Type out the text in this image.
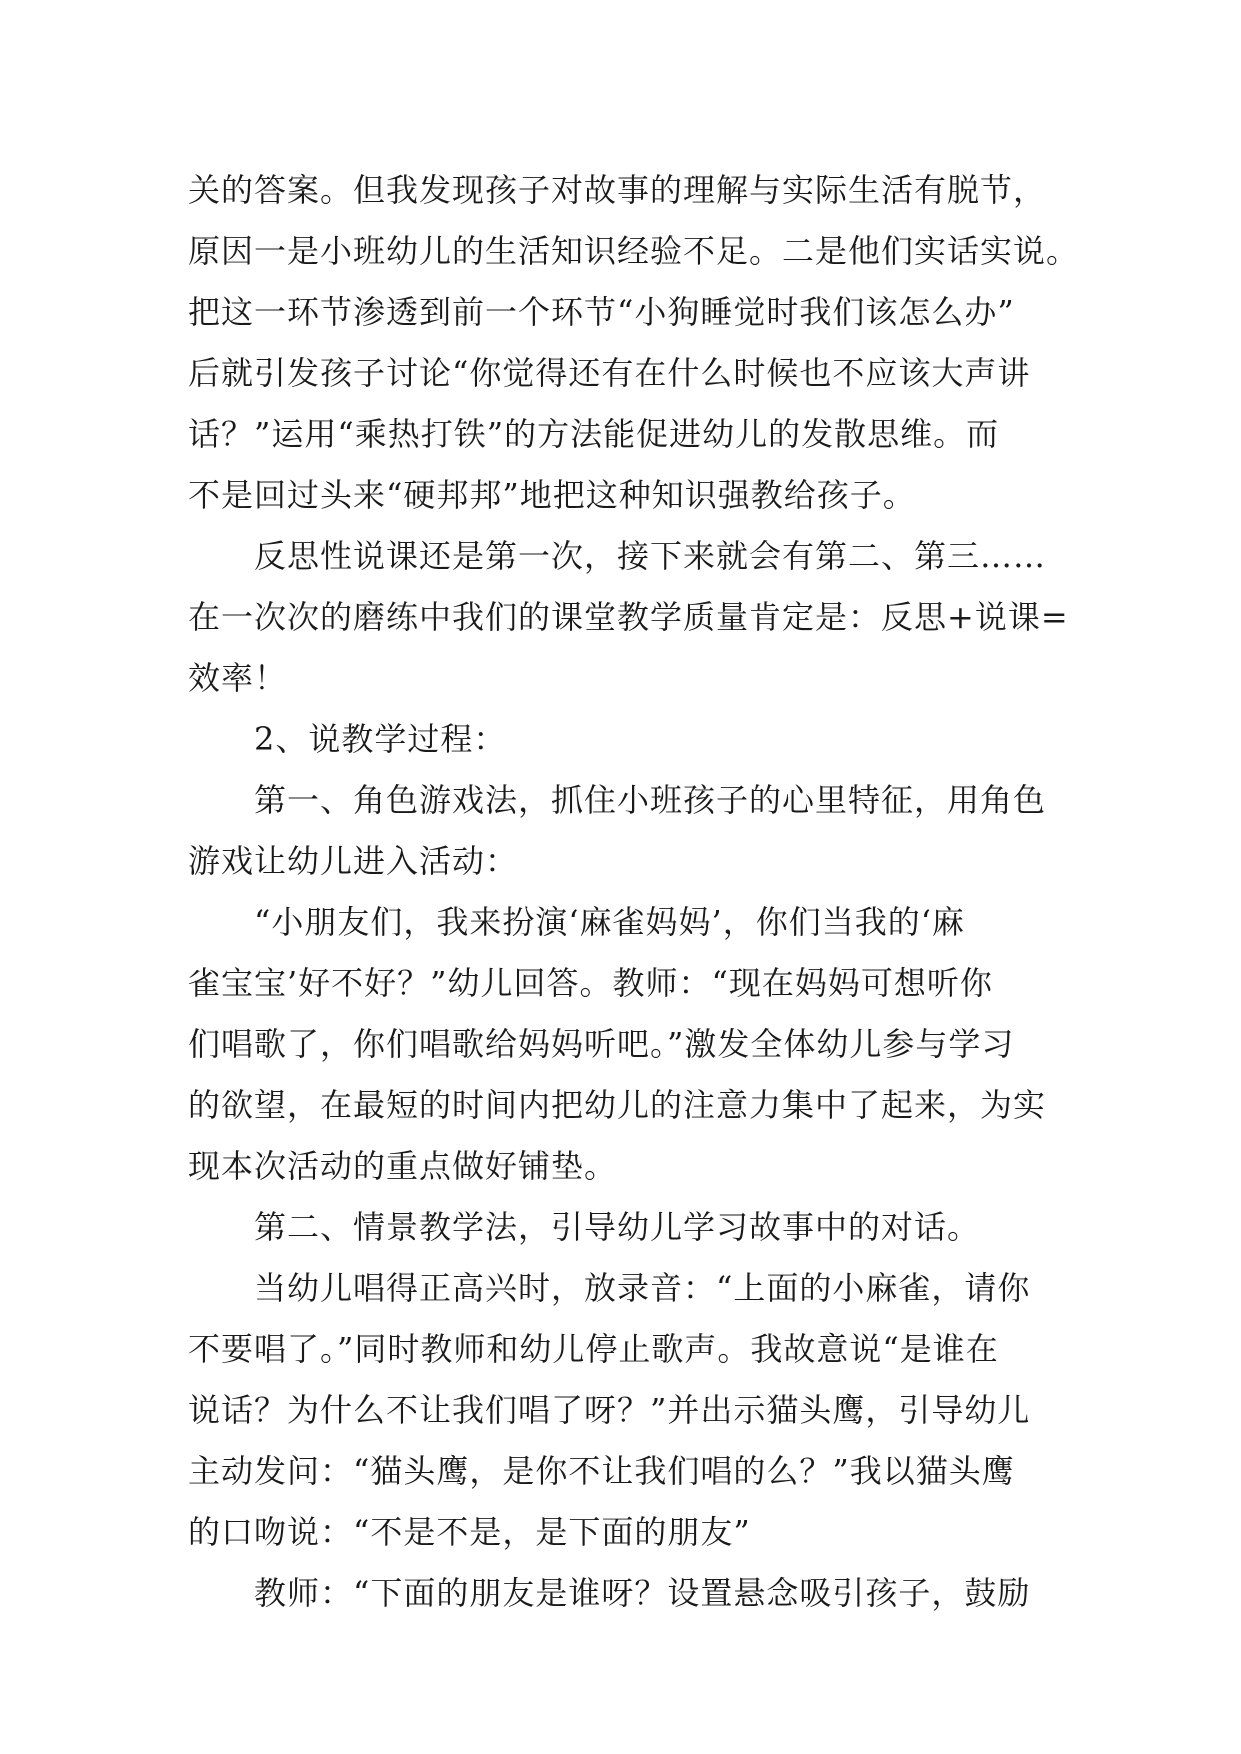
关的答案。但我发现孩子对故事的理解与实际生活有脱节，
原因一是小班幼儿的生活知识经验不足。二是他们实话实说。
把这一环节渗透到前一个环节“小狗睡觉时我们该怎么办”
后就引发孩子讨论“你觉得还有在什么时候也不应该大声讲
话？”运用“乘热打铁”的方法能促进幼儿的发散思维。而
不是回过头来“硬邦邦”地把这种知识强教给孩子。
反思性说课还是第一次，接下来就会有第二、第三……
在一次次的磨练中我们的课堂教学质量肯定是：反思+说课=
效率！
2、说教学过程：
第一、角色游戏法，抓住小班孩子的心里特征，用角色
游戏让幼儿进入活动：
“小朋友们，我来扮演‘麻雀妈妈’，你们当我的‘麻
雀宝宝’好不好？”幼儿回答。教师：“现在妈妈可想听你
们唱歌了，你们唱歌给妈妈听吧。”激发全体幼儿参与学习
的欲望，在最短的时间内把幼儿的注意力集中了起来，为实
现本次活动的重点做好铺垫。
第二、情景教学法，引导幼儿学习故事中的对话。
当幼儿唱得正高兴时，放录音：“上面的小麻雀，请你
不要唱了。”同时教师和幼儿停止歌声。我故意说“是谁在
说话？为什么不让我们唱了呀？”并出示猫头鹰，引导幼儿
主动发问：“猫头鹰，是你不让我们唱的么？”我以猫头鹰
的口吻说：“不是不是，是下面的朋友”
教师：“下面的朋友是谁呀？设置悬念吸引孩子，鼓励
